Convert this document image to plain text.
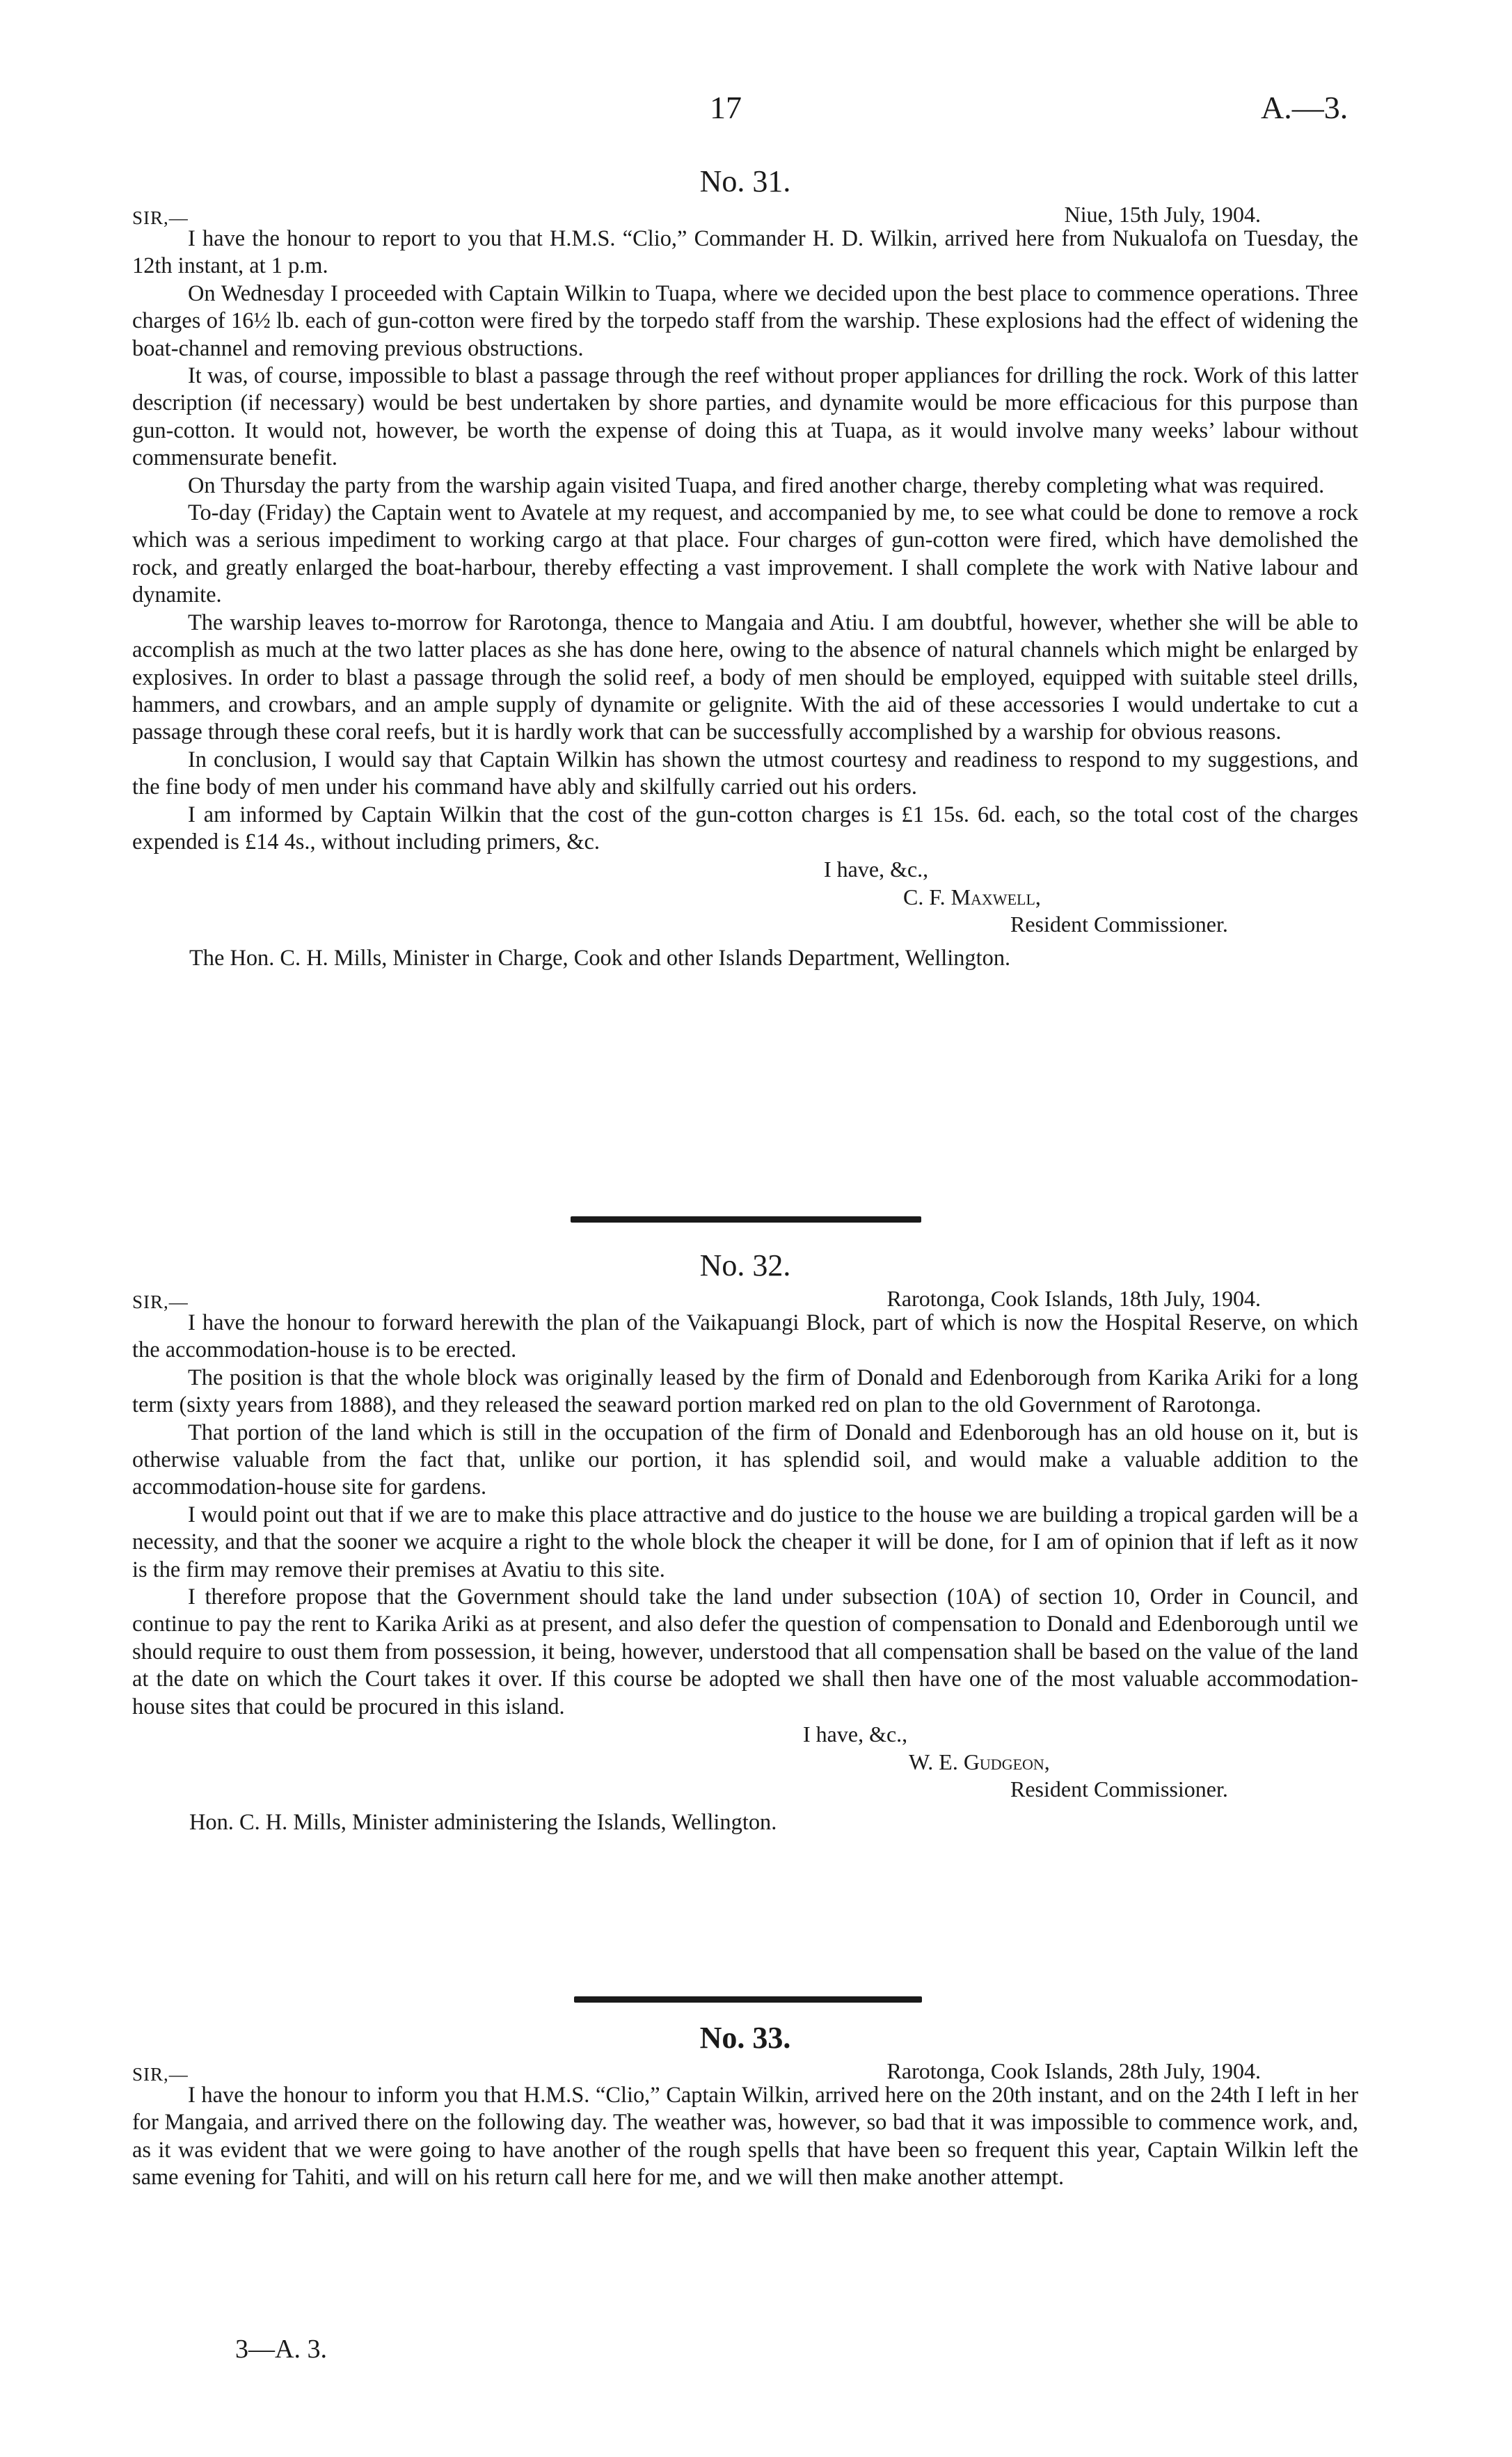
17	A.—3.
No. 31.
SIR,—	Niue, 15th July, 1904.

I have the honour to report to you that H.M.S. “Clio,” Commander H. D. Wilkin, arrived here from Nukualofa on Tuesday, the 12th instant, at 1 p.m.

On Wednesday I proceeded with Captain Wilkin to Tuapa, where we decided upon the best place to commence operations. Three charges of 16½ lb. each of gun-cotton were fired by the torpedo staff from the warship. These explosions had the effect of widening the boat-channel and removing previous obstructions.

It was, of course, impossible to blast a passage through the reef without proper appliances for drilling the rock. Work of this latter description (if necessary) would be best undertaken by shore parties, and dynamite would be more efficacious for this purpose than gun-cotton. It would not, however, be worth the expense of doing this at Tuapa, as it would involve many weeks’ labour without commensurate benefit.

On Thursday the party from the warship again visited Tuapa, and fired another charge, thereby completing what was required.

To-day (Friday) the Captain went to Avatele at my request, and accompanied by me, to see what could be done to remove a rock which was a serious impediment to working cargo at that place. Four charges of gun-cotton were fired, which have demolished the rock, and greatly enlarged the boat-harbour, thereby effecting a vast improvement. I shall complete the work with Native labour and dynamite.

The warship leaves to-morrow for Rarotonga, thence to Mangaia and Atiu. I am doubtful, however, whether she will be able to accomplish as much at the two latter places as she has done here, owing to the absence of natural channels which might be enlarged by explosives. In order to blast a passage through the solid reef, a body of men should be employed, equipped with suitable steel drills, hammers, and crowbars, and an ample supply of dynamite or gelignite. With the aid of these accessories I would undertake to cut a passage through these coral reefs, but it is hardly work that can be successfully accomplished by a warship for obvious reasons.

In conclusion, I would say that Captain Wilkin has shown the utmost courtesy and readiness to respond to my suggestions, and the fine body of men under his command have ably and skilfully carried out his orders.

I am informed by Captain Wilkin that the cost of the gun-cotton charges is £1 15s. 6d. each, so the total cost of the charges expended is £14 4s., without including primers, &c.

I have, &c.,
C. F. Maxwell,
Resident Commissioner.
The Hon. C. H. Mills, Minister in Charge, Cook and other Islands Department, Wellington.
No. 32.
SIR,—	Rarotonga, Cook Islands, 18th July, 1904.

I have the honour to forward herewith the plan of the Vaikapuangi Block, part of which is now the Hospital Reserve, on which the accommodation-house is to be erected.

The position is that the whole block was originally leased by the firm of Donald and Edenborough from Karika Ariki for a long term (sixty years from 1888), and they released the seaward portion marked red on plan to the old Government of Rarotonga.

That portion of the land which is still in the occupation of the firm of Donald and Edenborough has an old house on it, but is otherwise valuable from the fact that, unlike our portion, it has splendid soil, and would make a valuable addition to the accommodation-house site for gardens.

I would point out that if we are to make this place attractive and do justice to the house we are building a tropical garden will be a necessity, and that the sooner we acquire a right to the whole block the cheaper it will be done, for I am of opinion that if left as it now is the firm may remove their premises at Avatiu to this site.

I therefore propose that the Government should take the land under subsection (10A) of section 10, Order in Council, and continue to pay the rent to Karika Ariki as at present, and also defer the question of compensation to Donald and Edenborough until we should require to oust them from possession, it being, however, understood that all compensation shall be based on the value of the land at the date on which the Court takes it over. If this course be adopted we shall then have one of the most valuable accommodation-house sites that could be procured in this island.

I have, &c.,
W. E. Gudgeon,
Resident Commissioner.
Hon. C. H. Mills, Minister administering the Islands, Wellington.
No. 33.
SIR,—	Rarotonga, Cook Islands, 28th July, 1904.

I have the honour to inform you that H.M.S. “Clio,” Captain Wilkin, arrived here on the 20th instant, and on the 24th I left in her for Mangaia, and arrived there on the following day. The weather was, however, so bad that it was impossible to commence work, and, as it was evident that we were going to have another of the rough spells that have been so frequent this year, Captain Wilkin left the same evening for Tahiti, and will on his return call here for me, and we will then make another attempt.

3—A. 3.
